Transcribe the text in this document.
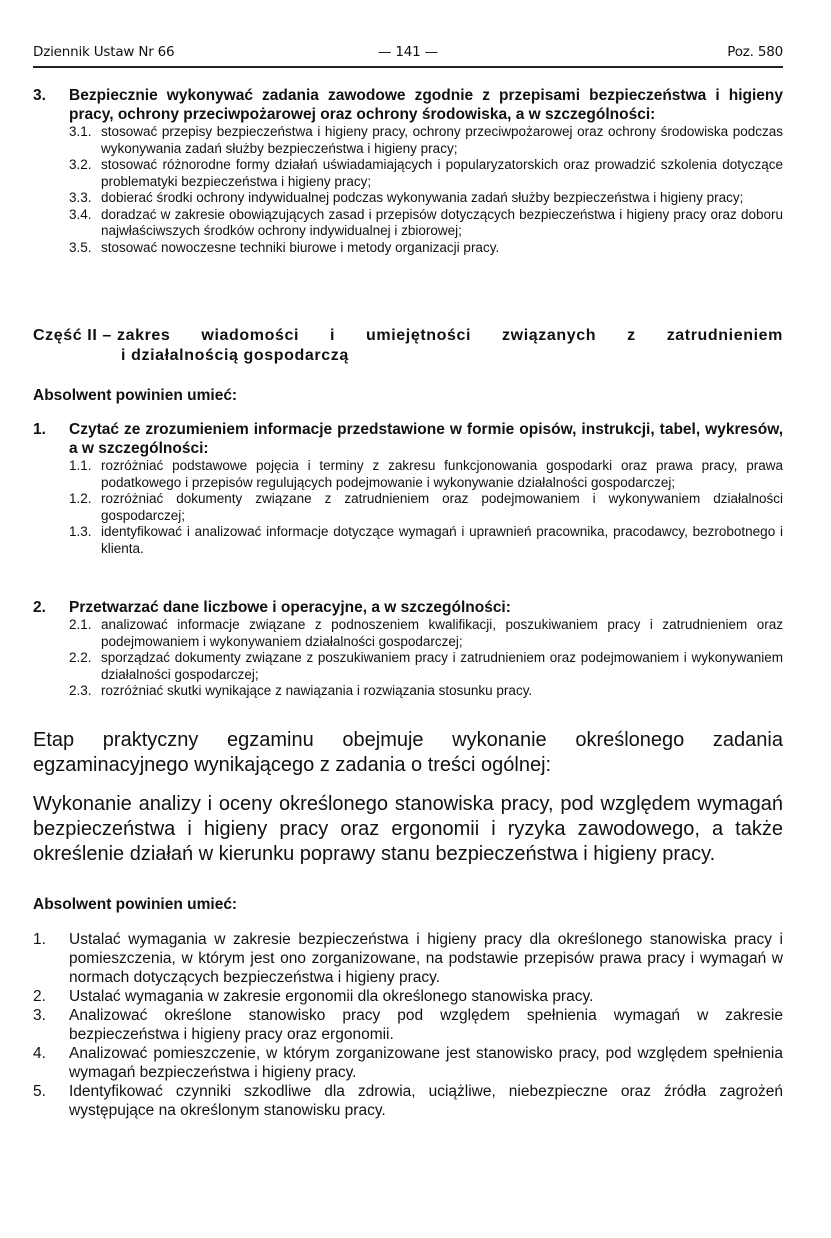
Dziennik Ustaw Nr 66	— 141 —	Poz. 580
3. Bezpiecznie wykonywać zadania zawodowe zgodnie z przepisami bezpieczeństwa i higieny pracy, ochrony przeciwpożarowej oraz ochrony środowiska, a w szczególności:
3.1. stosować przepisy bezpieczeństwa i higieny pracy, ochrony przeciwpożarowej oraz ochrony środowiska podczas wykonywania zadań służby bezpieczeństwa i higieny pracy;
3.2. stosować różnorodne formy działań uświadamiających i popularyzatorskich oraz prowadzić szkolenia dotyczące problematyki bezpieczeństwa i higieny pracy;
3.3. dobierać środki ochrony indywidualnej podczas wykonywania zadań służby bezpieczeństwa i higieny pracy;
3.4. doradzać w zakresie obowiązujących zasad i przepisów dotyczących bezpieczeństwa i higieny pracy oraz doboru najwłaściwszych środków ochrony indywidualnej i zbiorowej;
3.5. stosować nowoczesne techniki biurowe i metody organizacji pracy.
Część II – zakres wiadomości i umiejętności związanych z zatrudnieniem
i działalnością gospodarczą
Absolwent powinien umieć:
1. Czytać ze zrozumieniem informacje przedstawione w formie opisów, instrukcji, tabel, wykresów, a w szczególności:
1.1. rozróżniać podstawowe pojęcia i terminy z zakresu funkcjonowania gospodarki oraz prawa pracy, prawa podatkowego i przepisów regulujących podejmowanie i wykonywanie działalności gospodarczej;
1.2. rozróżniać dokumenty związane z zatrudnieniem oraz podejmowaniem i wykonywaniem działalności gospodarczej;
1.3. identyfikować i analizować informacje dotyczące wymagań i uprawnień pracownika, pracodawcy, bezrobotnego i klienta.
2. Przetwarzać dane liczbowe i operacyjne, a w szczególności:
2.1. analizować informacje związane z podnoszeniem kwalifikacji, poszukiwaniem pracy i zatrudnieniem oraz podejmowaniem i wykonywaniem działalności gospodarczej;
2.2. sporządzać dokumenty związane z poszukiwaniem pracy i zatrudnieniem oraz podejmowaniem i wykonywaniem działalności gospodarczej;
2.3. rozróżniać skutki wynikające z nawiązania i rozwiązania stosunku pracy.
Etap praktyczny egzaminu obejmuje wykonanie określonego zadania egzaminacyjnego wynikającego z zadania o treści ogólnej:
Wykonanie analizy i oceny określonego stanowiska pracy, pod względem wymagań bezpieczeństwa i higieny pracy oraz ergonomii i ryzyka zawodowego, a także określenie działań w kierunku poprawy stanu bezpieczeństwa i higieny pracy.
Absolwent powinien umieć:
1. Ustalać wymagania w zakresie bezpieczeństwa i higieny pracy dla określonego stanowiska pracy i pomieszczenia, w którym jest ono zorganizowane, na podstawie przepisów prawa pracy i wymagań w normach dotyczących bezpieczeństwa i higieny pracy.
2. Ustalać wymagania w zakresie ergonomii dla określonego stanowiska pracy.
3. Analizować określone stanowisko pracy pod względem spełnienia wymagań w zakresie bezpieczeństwa i higieny pracy oraz ergonomii.
4. Analizować pomieszczenie, w którym zorganizowane jest stanowisko pracy, pod względem spełnienia wymagań bezpieczeństwa i higieny pracy.
5. Identyfikować czynniki szkodliwe dla zdrowia, uciążliwe, niebezpieczne oraz źródła zagrożeń występujące na określonym stanowisku pracy.
